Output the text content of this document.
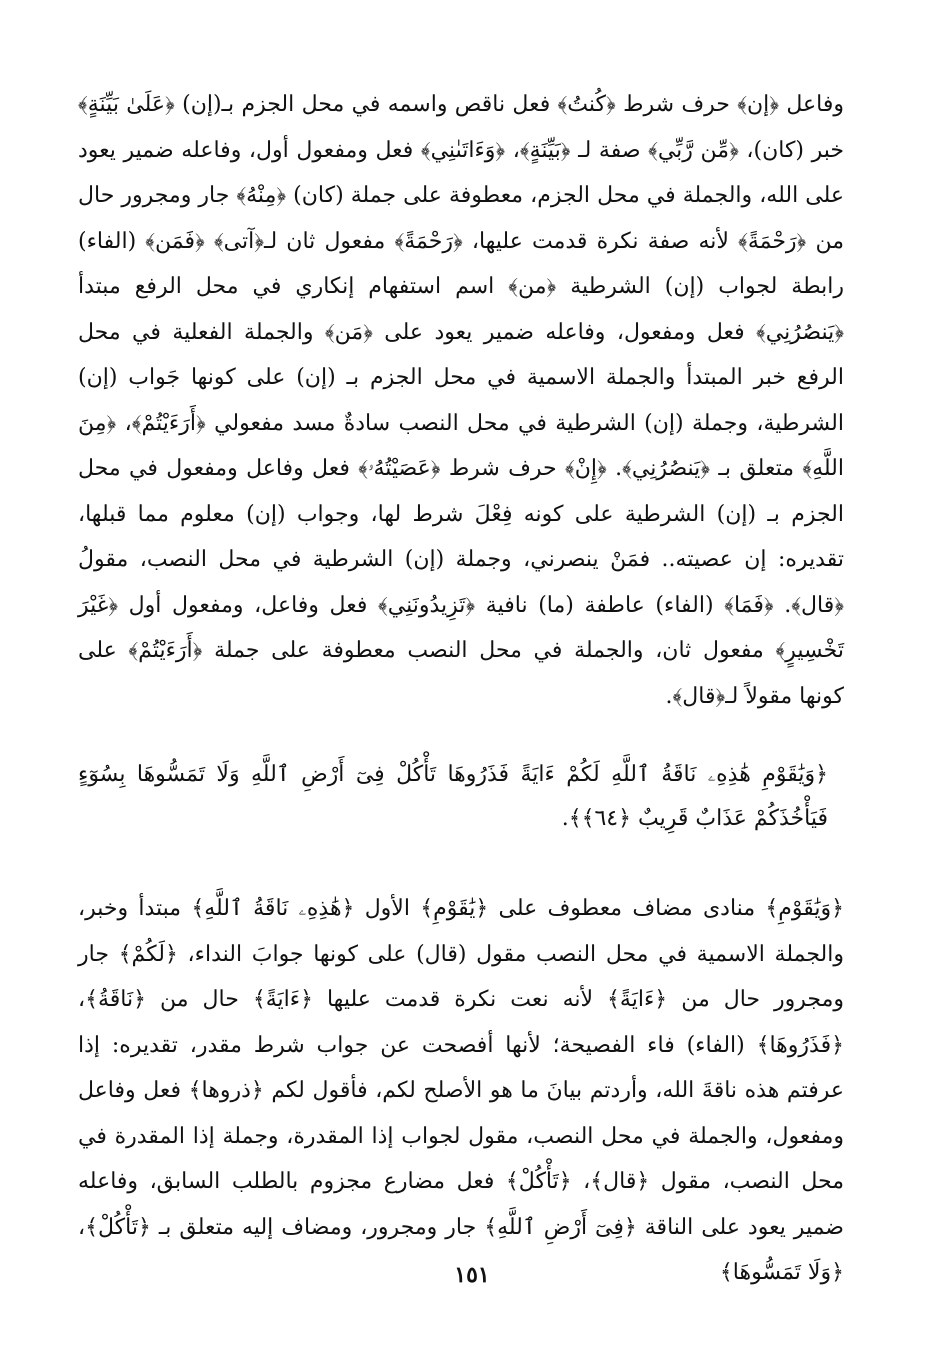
وفاعل ﴿إن﴾ حرف شرط ﴿كُنتُ﴾ فعل ناقص واسمه في محل الجزم بـ(إن) ﴿عَلَىٰ بَيِّنَةٍ﴾ خبر (كان)، ﴿مِّن رَّبِّي﴾ صفة لـ ﴿بَيِّنَةٍ﴾، ﴿وَءَاتَىٰنِي﴾ فعل ومفعول أول، وفاعله ضمير يعود على الله، والجملة في محل الجزم، معطوفة على جملة (كان) ﴿مِنْهُ﴾ جار ومجرور حال من ﴿رَحْمَةً﴾ لأنه صفة نكرة قدمت عليها، ﴿رَحْمَةً﴾ مفعول ثان لـ﴿آتى﴾ ﴿فَمَن﴾ (الفاء) رابطة لجواب (إن) الشرطية ﴿من﴾ اسم استفهام إنكاري في محل الرفع مبتدأ ﴿يَنصُرُنِي﴾ فعل ومفعول، وفاعله ضمير يعود على ﴿مَن﴾ والجملة الفعلية في محل الرفع خبر المبتدأ والجملة الاسمية في محل الجزم بـ (إن) على كونها جَواب (إن) الشرطية، وجملة (إن) الشرطية في محل النصب سادةٌ مسد مفعولي ﴿أَرَءَيْتُمْ﴾، ﴿مِنَ اللَّهِ﴾ متعلق بـ ﴿يَنصُرُنِي﴾. ﴿إِنْ﴾ حرف شرط ﴿عَصَيْتُهُۥ﴾ فعل وفاعل ومفعول في محل الجزم بـ (إن) الشرطية على كونه فِعْلَ شرط لها، وجواب (إن) معلوم مما قبلها، تقديره: إن عصيته.. فمَنْ ينصرني، وجملة (إن) الشرطية في محل النصب، مقولُ ﴿قال﴾. ﴿فَمَا﴾ (الفاء) عاطفة (ما) نافية ﴿تَزِيدُونَنِي﴾ فعل وفاعل، ومفعول أول ﴿غَيْرَ تَخْسِيرٍ﴾ مفعول ثان، والجملة في محل النصب معطوفة على جملة ﴿أَرَءَيْتُمْ﴾ على كونها مقولاً لـ﴿قال﴾.

﴿وَيَٰقَوْمِ هَٰذِهِۦ نَاقَةُ ٱللَّهِ لَكُمْ ءَايَةً فَذَرُوهَا تَأْكُلْ فِىٓ أَرْضِ ٱللَّهِ وَلَا تَمَسُّوهَا بِسُوٓءٍ فَيَأْخُذَكُمْ عَذَابٌ قَرِيبٌ ﴿٦٤﴾﴾.

﴿وَيَٰقَوْمِ﴾ منادى مضاف معطوف على ﴿يَٰقَوْمِ﴾ الأول ﴿هَٰذِهِۦ نَاقَةُ ٱللَّهِ﴾ مبتدأ وخبر، والجملة الاسمية في محل النصب مقول (قال) على كونها جوابَ النداء، ﴿لَكُمْ﴾ جار ومجرور حال من ﴿ءَايَةً﴾ لأنه نعت نكرة قدمت عليها ﴿ءَايَةً﴾ حال من ﴿نَاقَةُ﴾، ﴿فَذَرُوهَا﴾ (الفاء) فاء الفصيحة؛ لأنها أفصحت عن جواب شرط مقدر، تقديره: إذا عرفتم هذه ناقةَ الله، وأردتم بيانَ ما هو الأصلح لكم، فأقول لكم ﴿ذروها﴾ فعل وفاعل ومفعول، والجملة في محل النصب، مقول لجواب إذا المقدرة، وجملة إذا المقدرة في محل النصب، مقول ﴿قال﴾، ﴿تَأْكُلْ﴾ فعل مضارع مجزوم بالطلب السابق، وفاعله ضمير يعود على الناقة ﴿فِىٓ أَرْضِ ٱللَّهِ﴾ جار ومجرور، ومضاف إليه متعلق بـ ﴿تَأْكُلْ﴾، ﴿وَلَا تَمَسُّوهَا﴾

١٥١
